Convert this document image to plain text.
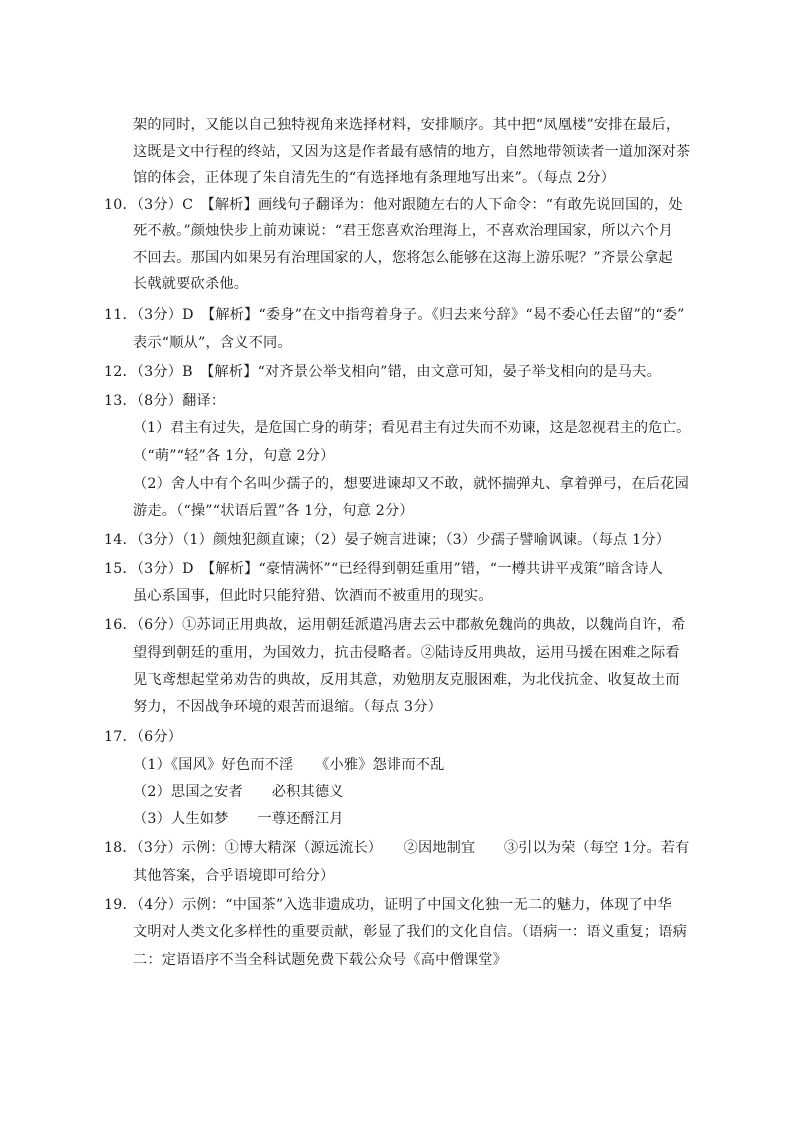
架的同时，又能以自己独特视角来选择材料，安排顺序。其中把“凤凰楼”安排在最后，
这既是文中行程的终站，又因为这是作者最有感情的地方，自然地带领读者一道加深对茶
馆的体会，正体现了朱自清先生的“有选择地有条理地写出来”。（每点 2分）
10．（3分）C　【解析】画线句子翻译为：他对跟随左右的人下命令：“有敢先说回国的，处
死不赦。”颜烛快步上前劝谏说：“君王您喜欢治理海上，不喜欢治理国家，所以六个月
不回去。那国内如果另有治理国家的人，您将怎么能够在这海上游乐呢？”齐景公拿起
长戟就要砍杀他。
11．（3分）D　【解析】“委身”在文中指弯着身子。《归去来兮辞》“曷不委心任去留”的“委”
表示“顺从”，含义不同。
12．（3分）B　【解析】“对齐景公举戈相向”错，由文意可知，晏子举戈相向的是马夫。
13．（8分）翻译：
（1）君主有过失，是危国亡身的萌芽；看见君主有过失而不劝谏，这是忽视君主的危亡。
（“萌”“轻”各 1分，句意 2分）
（2）舍人中有个名叫少孺子的，想要进谏却又不敢，就怀揣弹丸、拿着弹弓，在后花园
游走。（“操”“状语后置”各 1分，句意 2分）
14．（3分）（1）颜烛犯颜直谏；（2）晏子婉言进谏；（3）少孺子譬喻讽谏。（每点 1分）
15．（3分）D　【解析】“豪情满怀”“已经得到朝廷重用”错，“一樽共讲平戎策”暗含诗人
虽心系国事，但此时只能狩猎、饮酒而不被重用的现实。
16．（6分）①苏词正用典故，运用朝廷派遣冯唐去云中郡赦免魏尚的典故，以魏尚自许，希
望得到朝廷的重用，为国效力，抗击侵略者。②陆诗反用典故，运用马援在困难之际看
见飞鸢想起堂弟劝告的典故，反用其意，劝勉朋友克服困难，为北伐抗金、收复故土而
努力，不因战争环境的艰苦而退缩。（每点 3分）
17．（6分）
（1）《国风》好色而不淫　　《小雅》怨诽而不乱
（2）思国之安者　　必积其德义
（3）人生如梦　　一尊还酹江月
18．（3分）示例：①博大精深（源远流长）　　②因地制宜　　③引以为荣（每空 1分。若有
其他答案，合乎语境即可给分）
19．（4分）示例：“中国茶”入选非遗成功，证明了中国文化独一无二的魅力，体现了中华
文明对人类文化多样性的重要贡献，彰显了我们的文化自信。（语病一：语义重复；语病
二：定语语序不当全科试题免费下载公众号《高中僧课堂》
